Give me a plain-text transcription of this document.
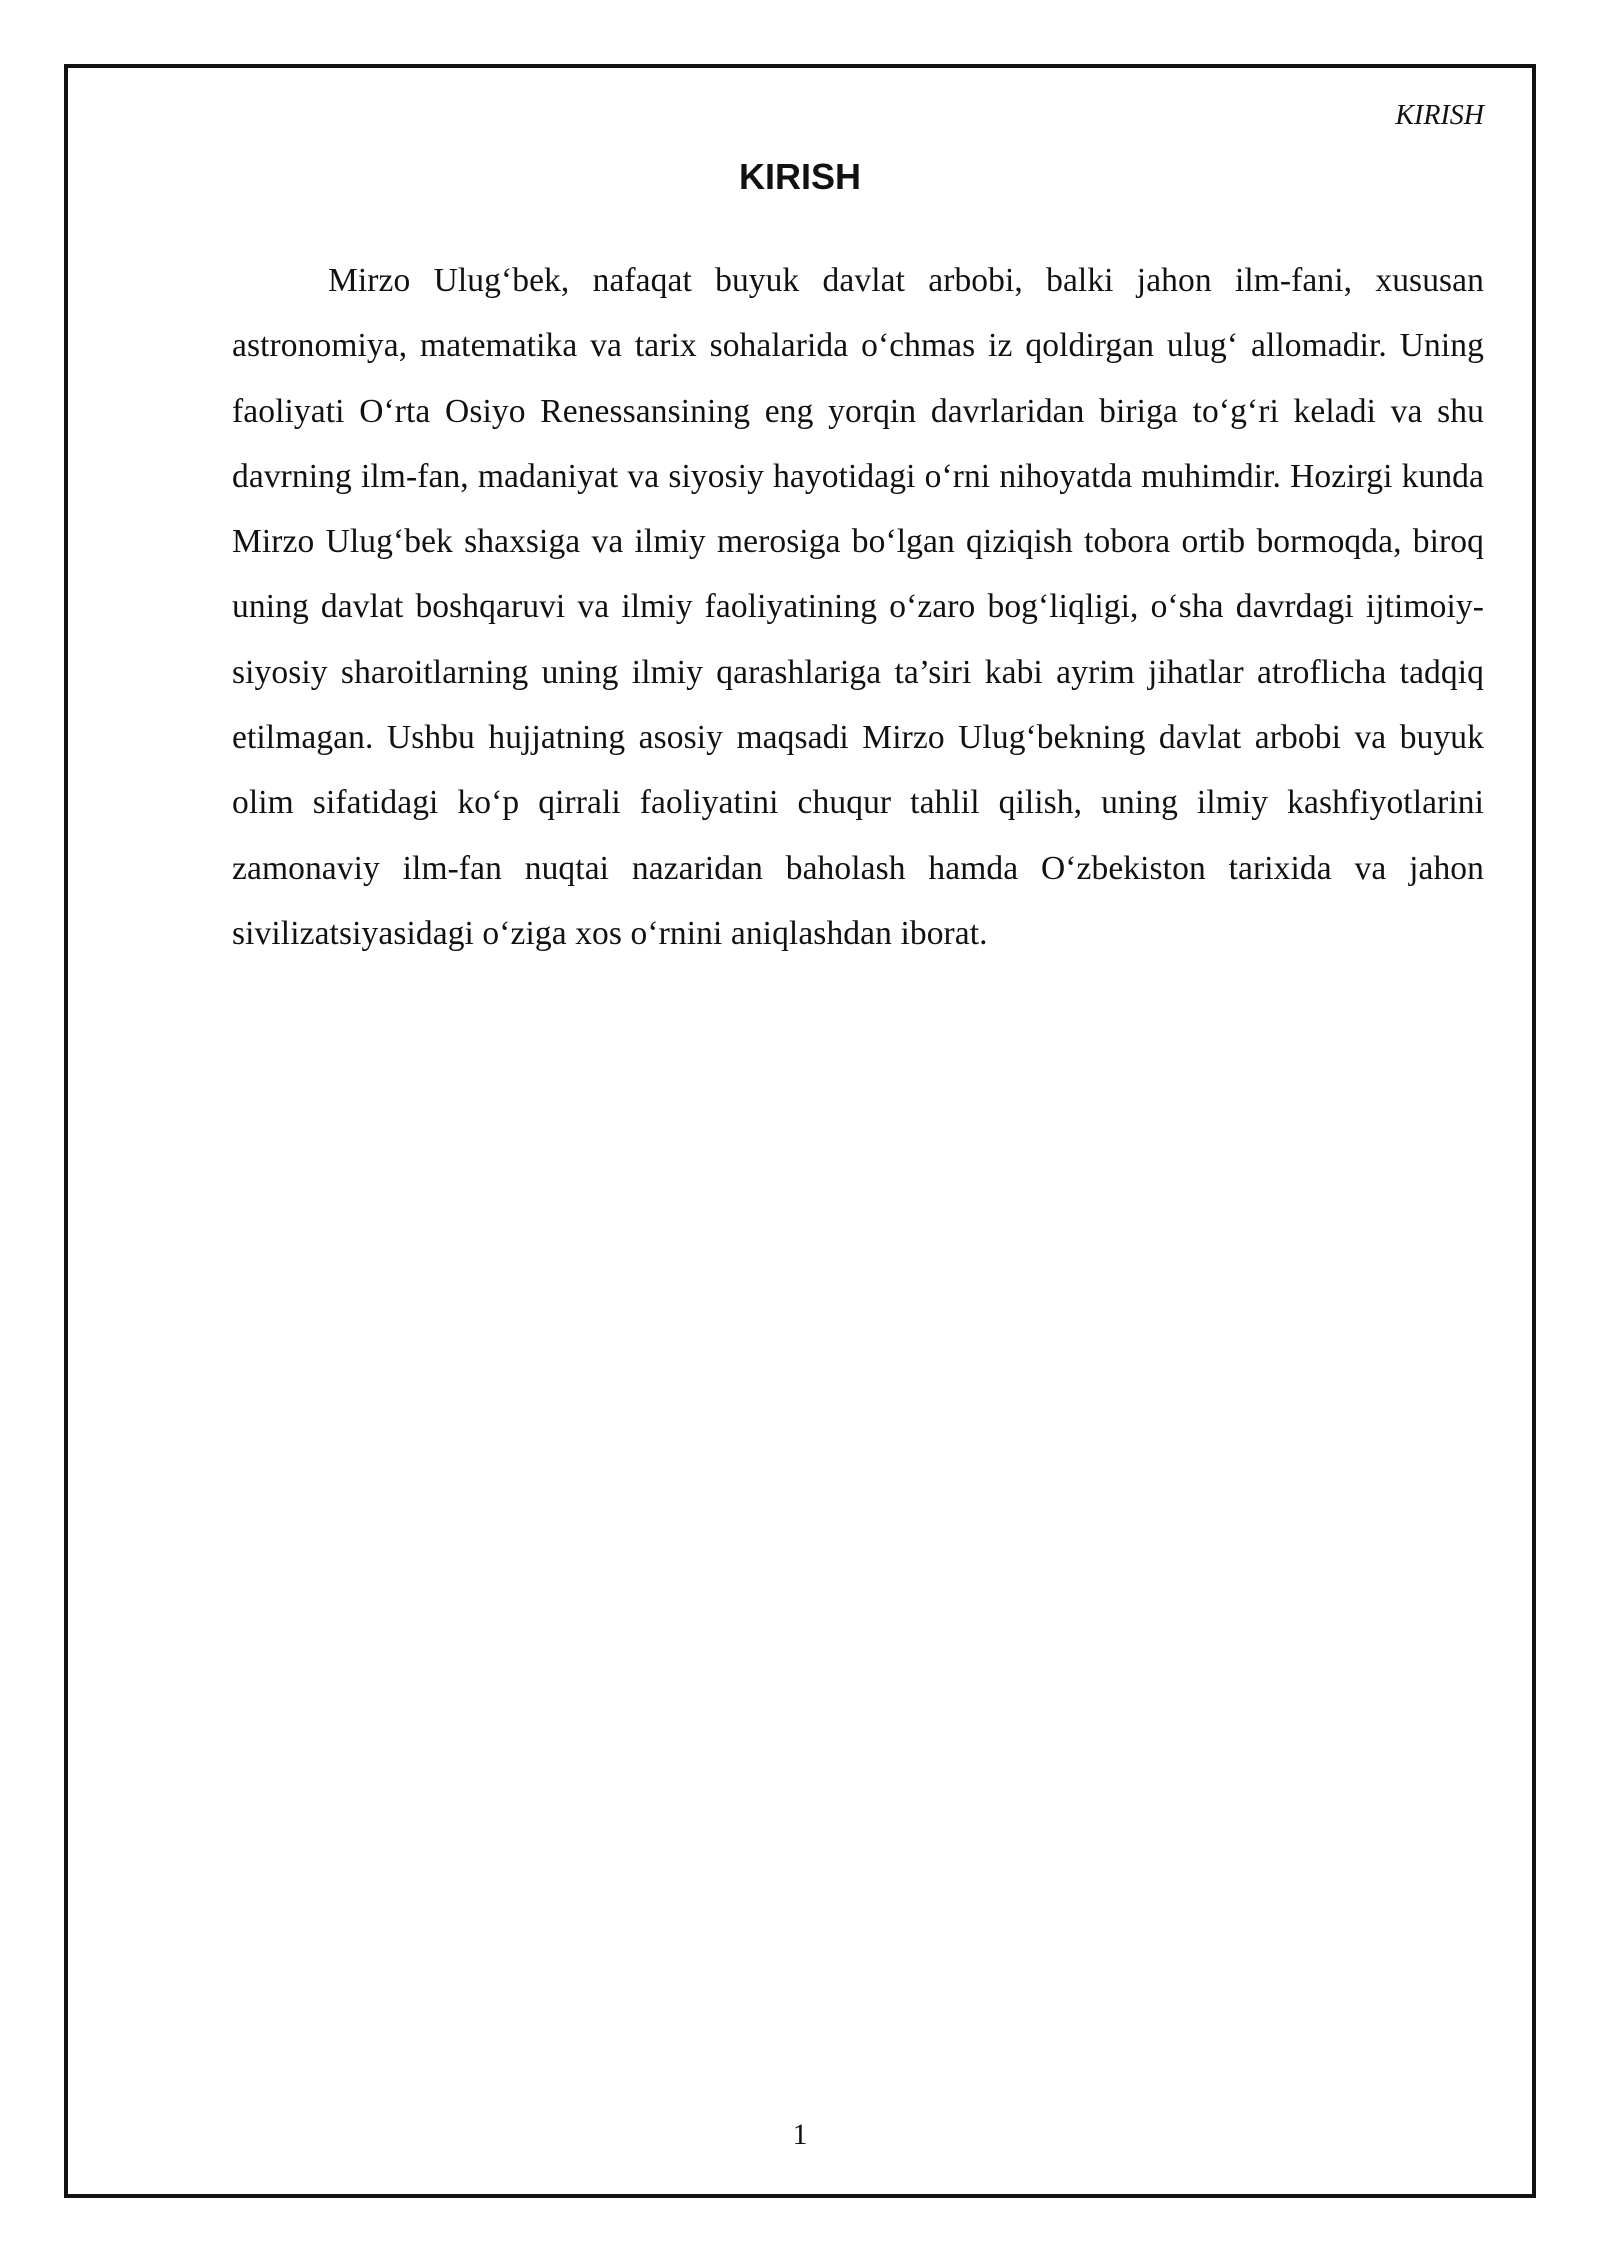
KIRISH

KIRISH

Mirzo Ulug‘bek, nafaqat buyuk davlat arbobi, balki jahon ilm-fani, xususan astronomiya, matematika va tarix sohalarida o‘chmas iz qoldirgan ulug‘ allomadir. Uning faoliyati O‘rta Osiyo Renessansining eng yorqin davrlaridan biriga to‘g‘ri keladi va shu davrning ilm-fan, madaniyat va siyosiy hayotidagi o‘rni nihoyatda muhimdir. Hozirgi kunda Mirzo Ulug‘bek shaxsiga va ilmiy merosiga bo‘lgan qiziqish tobora ortib bormoqda, biroq uning davlat boshqaruvi va ilmiy faoliyatining o‘zaro bog‘liqligi, o‘sha davrdagi ijtimoiy-siyosiy sharoitlarning uning ilmiy qarashlariga ta’siri kabi ayrim jihatlar atroflicha tadqiq etilmagan. Ushbu hujjatning asosiy maqsadi Mirzo Ulug‘bekning davlat arbobi va buyuk olim sifatidagi ko‘p qirrali faoliyatini chuqur tahlil qilish, uning ilmiy kashfiyotlarini zamonaviy ilm-fan nuqtai nazaridan baholash hamda O‘zbekiston tarixida va jahon sivilizatsiyasidagi o‘ziga xos o‘rnini aniqlashdan iborat.

1
